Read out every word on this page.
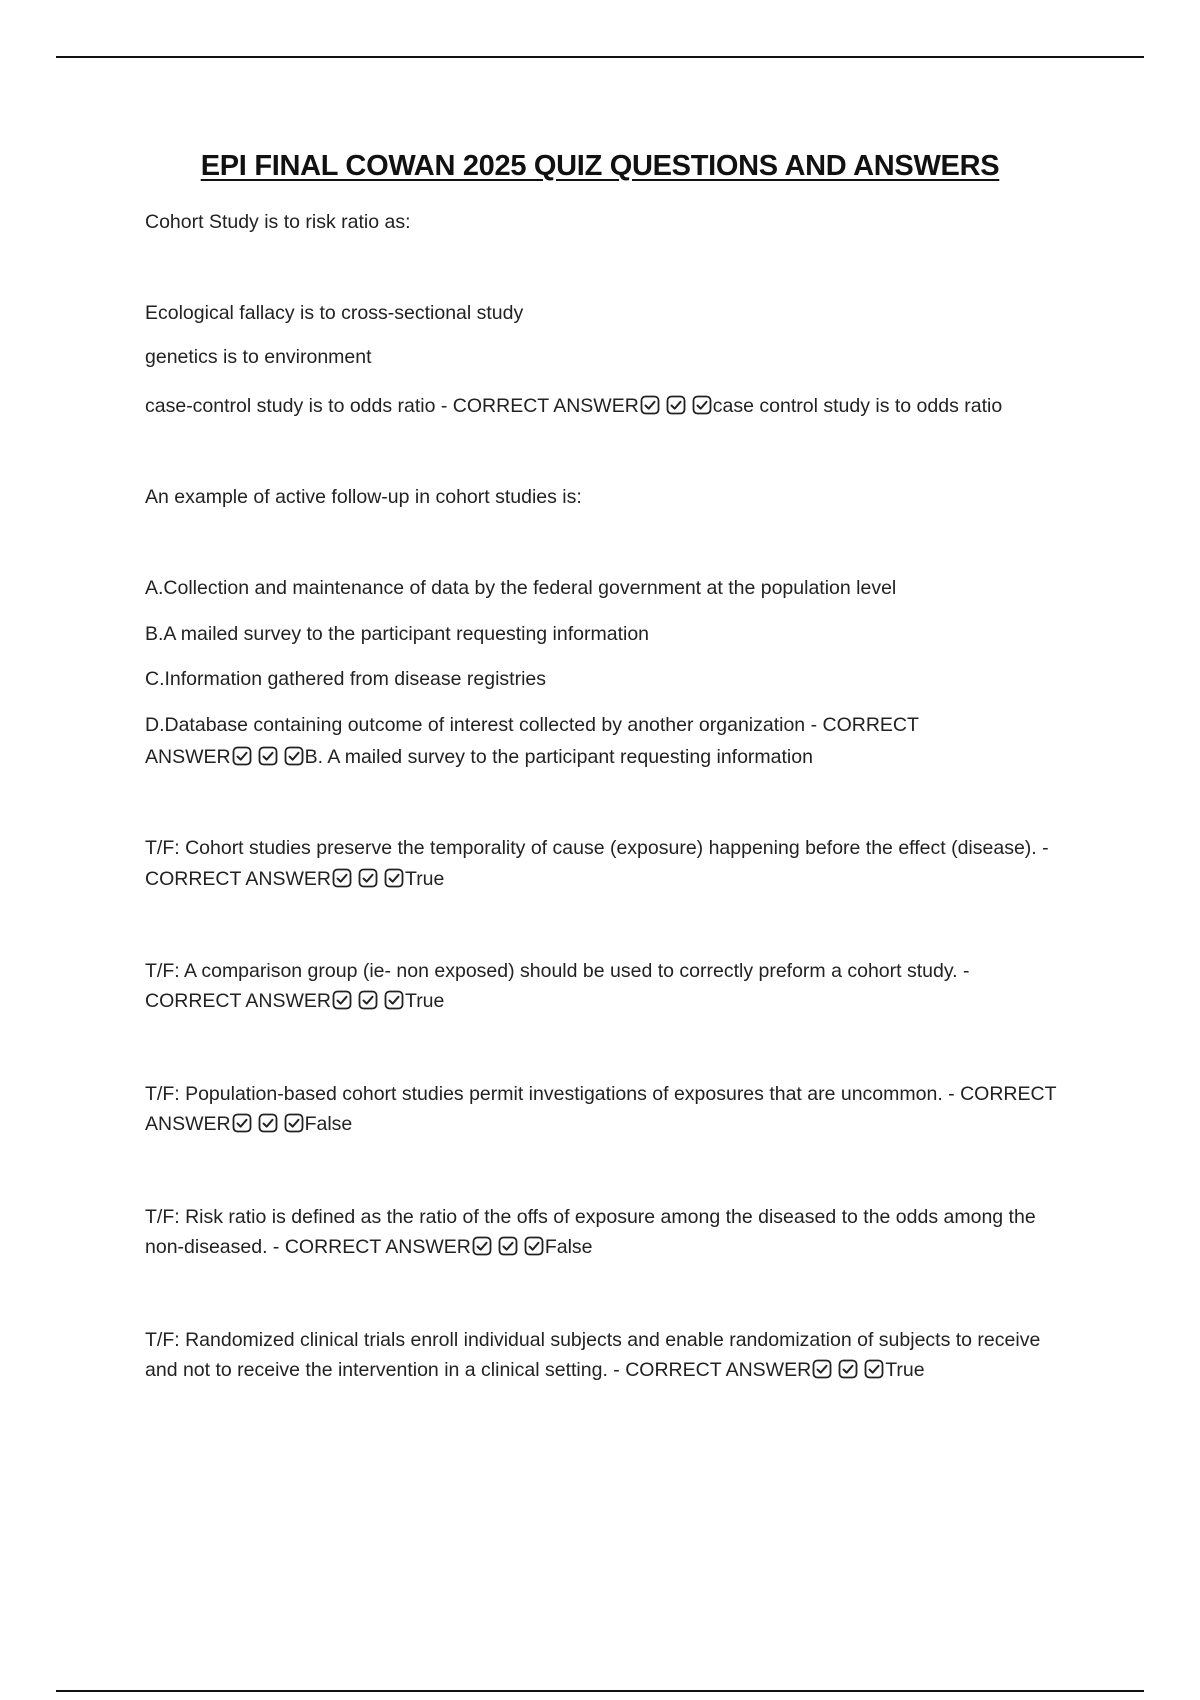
EPI FINAL COWAN 2025 QUIZ QUESTIONS AND ANSWERS
Cohort Study is to risk ratio as:
Ecological fallacy is to cross-sectional study
genetics is to environment
case-control study is to odds ratio - CORRECT ANSWER	case control study is to odds ratio
An example of active follow-up in cohort studies is:
A.Collection and maintenance of data by the federal government at the population level
B.A mailed survey to the participant requesting information
C.Information gathered from disease registries
D.Database containing outcome of interest collected by another organization - CORRECT
ANSWER	B. A mailed survey to the participant requesting information
T/F: Cohort studies preserve the temporality of cause (exposure) happening before the effect (disease). -
CORRECT ANSWER	True
T/F: A comparison group (ie- non exposed) should be used to correctly preform a cohort study. -
CORRECT ANSWER	True
T/F: Population-based cohort studies permit investigations of exposures that are uncommon. - CORRECT
ANSWER	False
T/F: Risk ratio is defined as the ratio of the offs of exposure among the diseased to the odds among the
non-diseased. - CORRECT ANSWER	False
T/F: Randomized clinical trials enroll individual subjects and enable randomization of subjects to receive
and not to receive the intervention in a clinical setting. - CORRECT ANSWER	True
